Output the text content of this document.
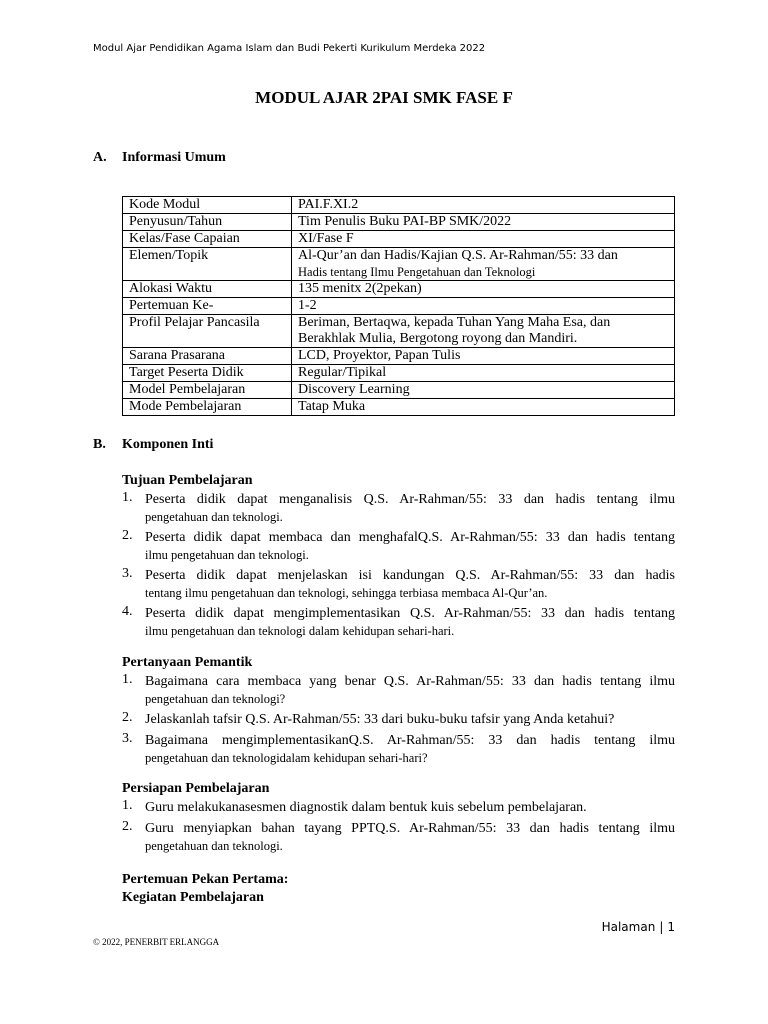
Modul Ajar Pendidikan Agama Islam dan Budi Pekerti Kurikulum Merdeka 2022
MODUL AJAR 2PAI SMK FASE F
A. Informasi Umum
Kode Modul	PAI.F.XI.2

Penyusun/Tahun	Tim Penulis Buku PAI-BP SMK/2022

Kelas/Fase Capaian	XI/Fase F

Elemen/Topik	Al-Qur’an dan Hadis/Kajian Q.S. Ar-Rahman/55: 33 dan
Hadis tentang Ilmu Pengetahuan dan Teknologi

Alokasi Waktu	135 menitx 2(2pekan)

Pertemuan Ke-	1-2

Profil Pelajar Pancasila	Beriman, Bertaqwa, kepada Tuhan Yang Maha Esa, dan
Berakhlak Mulia, Bergotong royong dan Mandiri.

Sarana Prasarana	LCD, Proyektor, Papan Tulis

Target Peserta Didik	Regular/Tipikal

Model Pembelajaran	Discovery Learning

Mode Pembelajaran	Tatap Muka
B. Komponen Inti
Tujuan Pembelajaran
1. Peserta didik dapat menganalisis Q.S. Ar-Rahman/55: 33 dan hadis tentang ilmu
pengetahuan dan teknologi.
2. Peserta didik dapat membaca dan menghafalQ.S. Ar-Rahman/55: 33 dan hadis tentang
ilmu pengetahuan dan teknologi.
3. Peserta didik dapat menjelaskan isi kandungan Q.S. Ar-Rahman/55: 33 dan hadis
tentang ilmu pengetahuan dan teknologi, sehingga terbiasa membaca Al-Qur’an.
4. Peserta didik dapat mengimplementasikan Q.S. Ar-Rahman/55: 33 dan hadis tentang
ilmu pengetahuan dan teknologi dalam kehidupan sehari-hari.
Pertanyaan Pemantik
1. Bagaimana cara membaca yang benar Q.S. Ar-Rahman/55: 33 dan hadis tentang ilmu
pengetahuan dan teknologi?
2. Jelaskanlah tafsir Q.S. Ar-Rahman/55: 33 dari buku-buku tafsir yang Anda ketahui?
3. Bagaimana mengimplementasikanQ.S. Ar-Rahman/55: 33 dan hadis tentang ilmu
pengetahuan dan teknologidalam kehidupan sehari-hari?
Persiapan Pembelajaran
1. Guru melakukanasesmen diagnostik dalam bentuk kuis sebelum pembelajaran.
2. Guru menyiapkan bahan tayang PPTQ.S. Ar-Rahman/55: 33 dan hadis tentang ilmu
pengetahuan dan teknologi.
Pertemuan Pekan Pertama:
Kegiatan Pembelajaran
Halaman | 1
© 2022, PENERBIT ERLANGGA
